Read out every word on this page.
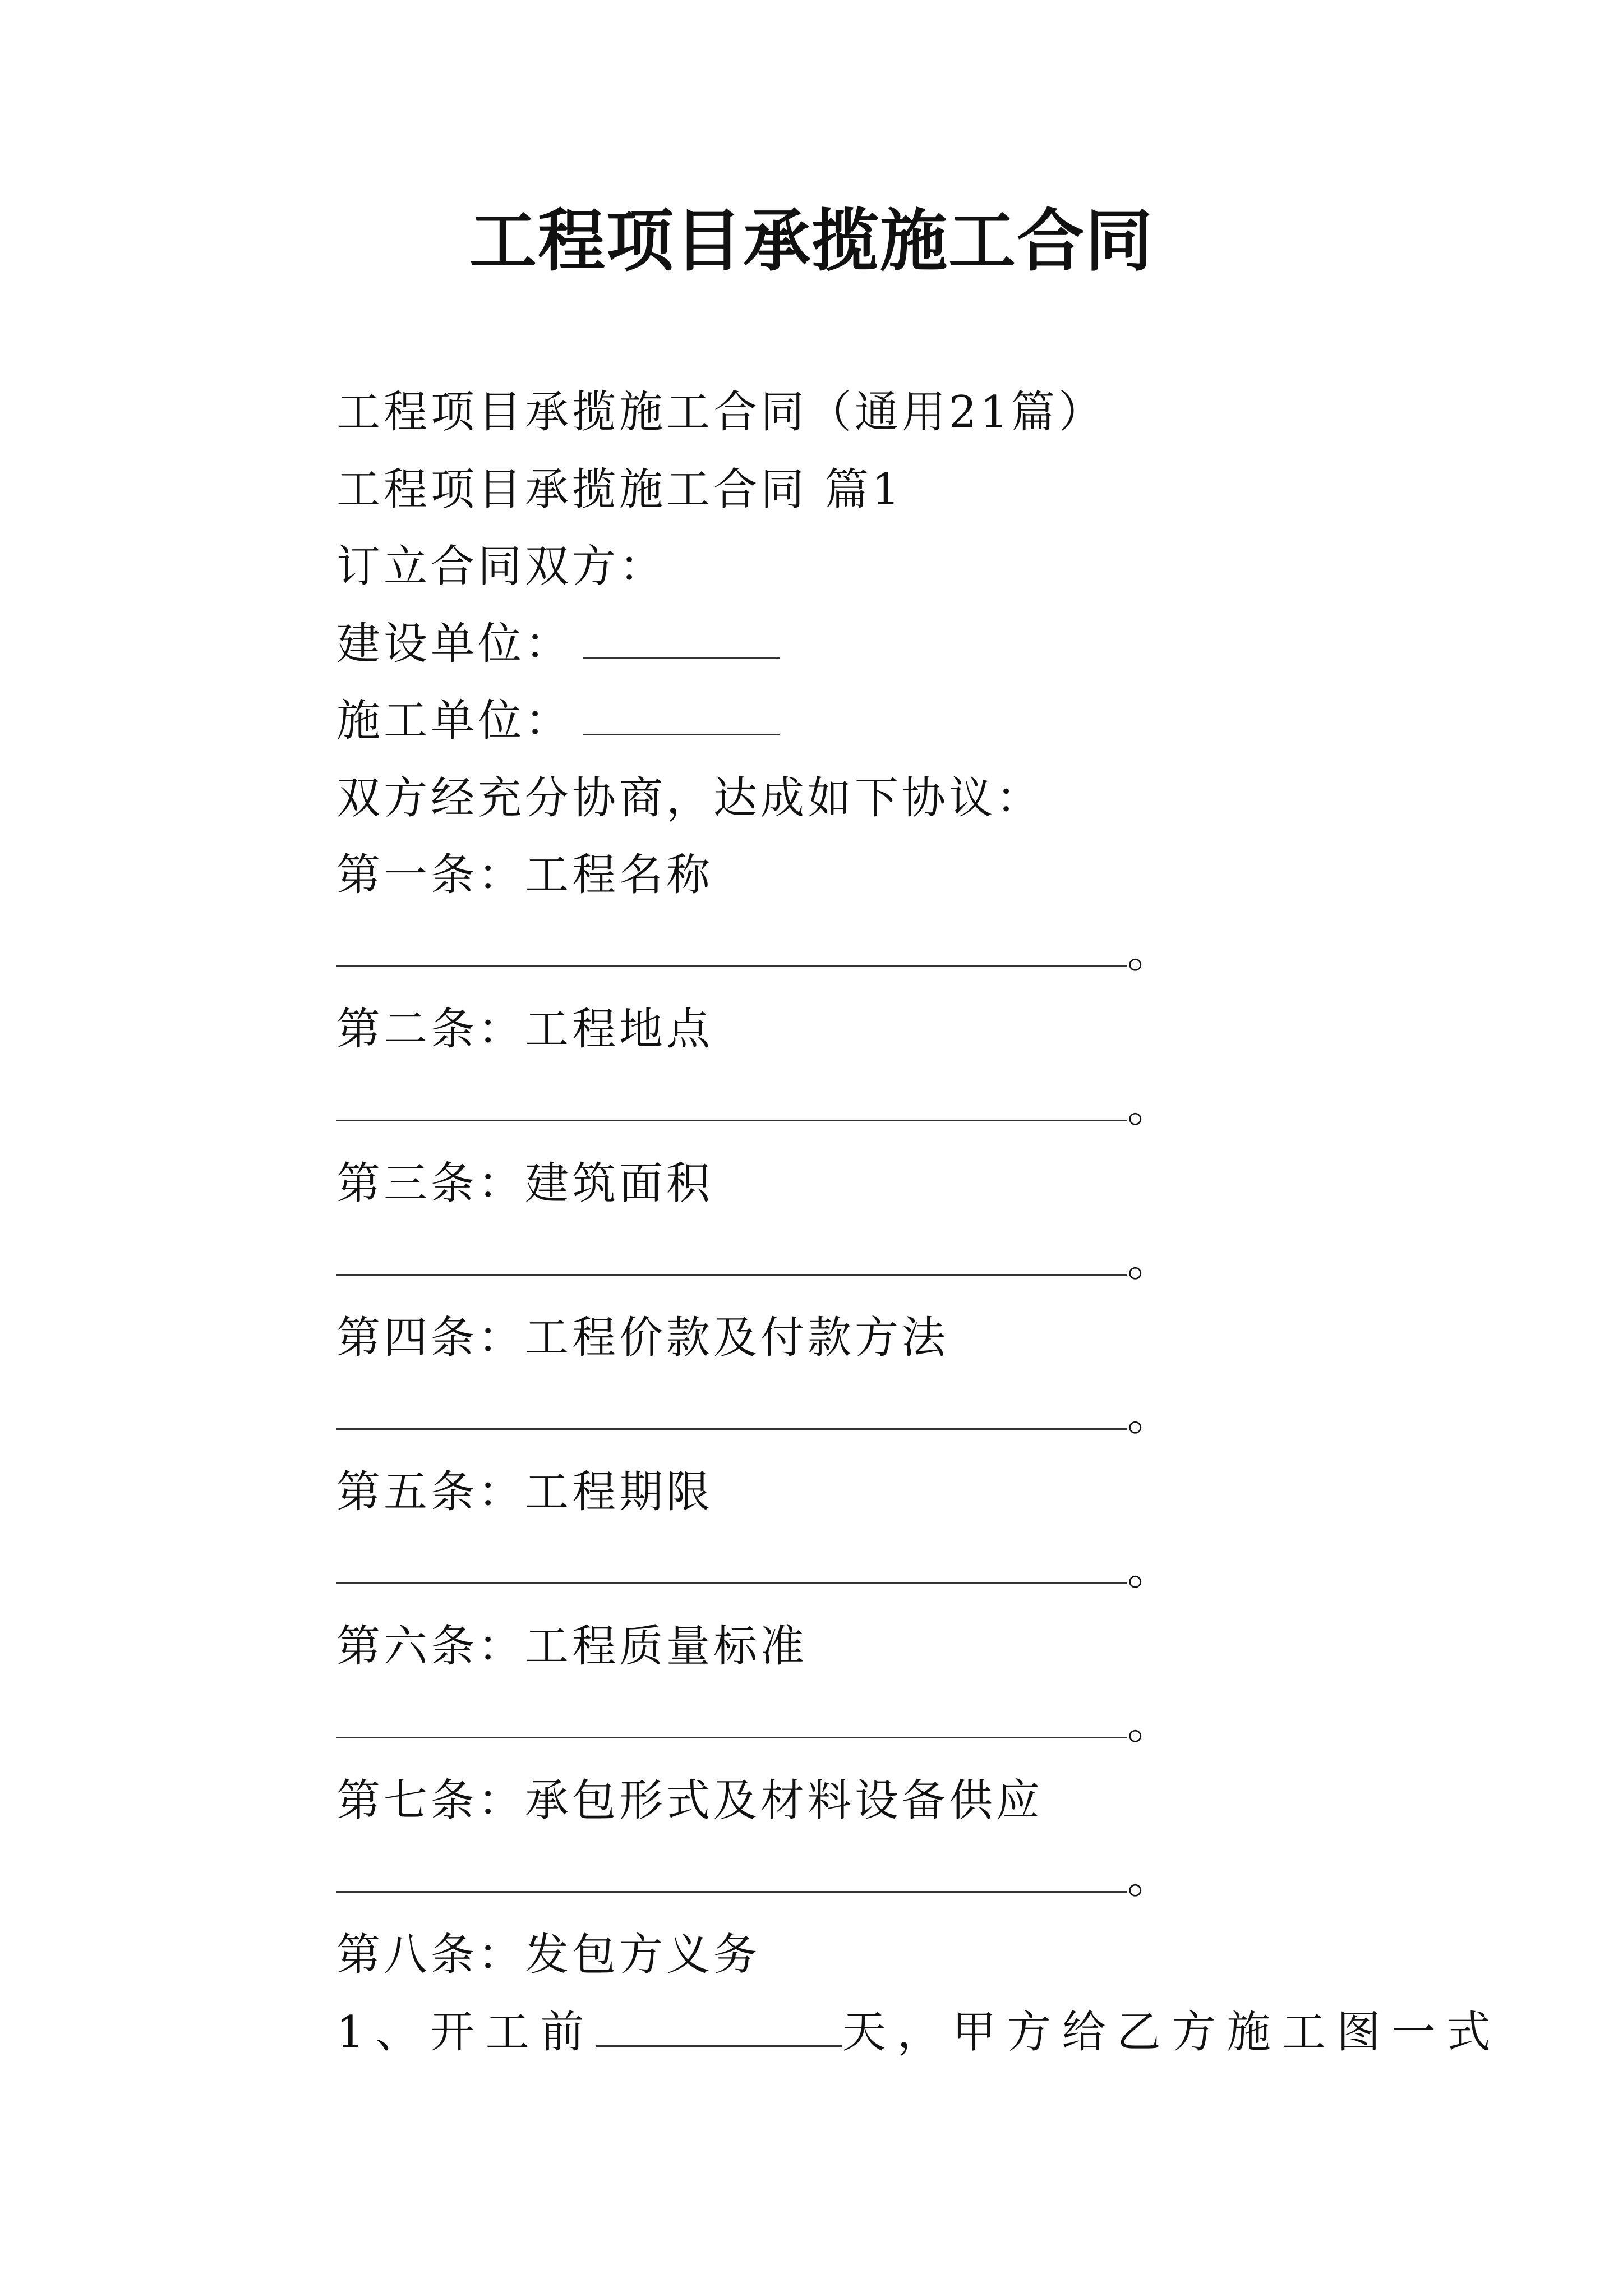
工程项目承揽施工合同
工程项目承揽施工合同（通用21篇）
工程项目承揽施工合同 篇1
订立合同双方：
建设单位：
施工单位：
双方经充分协商，达成如下协议：
第一条：工程名称
。
第二条：工程地点
。
第三条：建筑面积
。
第四条：工程价款及付款方法
。
第五条：工程期限
。
第六条：工程质量标准
。
第七条：承包形式及材料设备供应
。
第八条：发包方义务
1、开工前	天，甲方给乙方施工图一式
